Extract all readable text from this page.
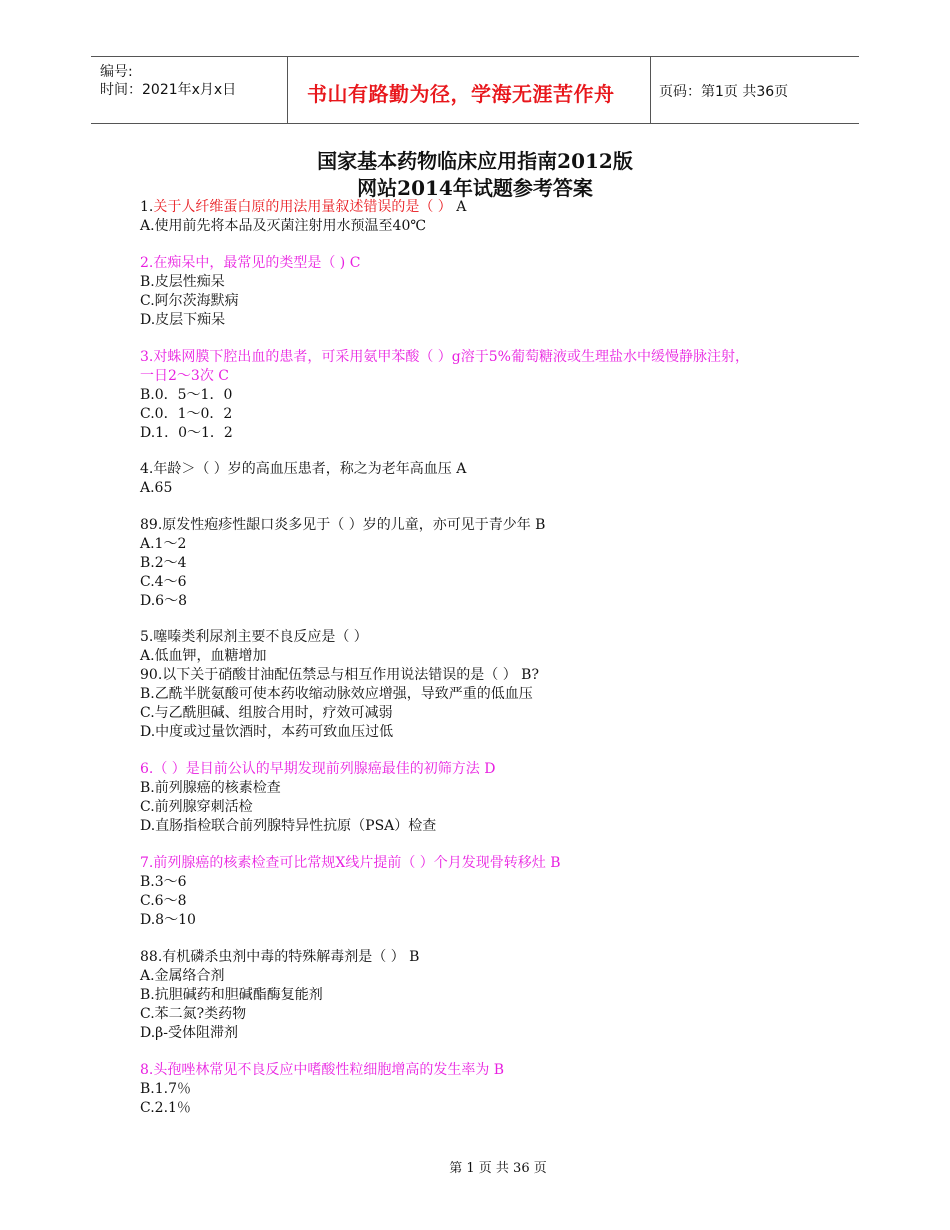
编号:
时间：2021年x月x日	书山有路勤为径，学海无涯苦作舟	页码：第1页 共36页
国家基本药物临床应用指南2012版
网站2014年试题参考答案
1.关于人纤维蛋白原的用法用量叙述错误的是（ ） A
A.使用前先将本品及灭菌注射用水预温至40℃
2.在痴呆中，最常见的类型是（ ) C
B.皮层性痴呆
C.阿尔茨海默病
D.皮层下痴呆
3.对蛛网膜下腔出血的患者，可采用氨甲苯酸（ ）g溶于5%葡萄糖液或生理盐水中缓慢静脉注射，
一日2～3次 C
B.0．5～1．0
C.0．1～0．2
D.1．0～1．2
4.年龄＞（ ）岁的高血压患者，称之为老年高血压 A
A.65
89.原发性疱疹性龈口炎多见于（ ）岁的儿童，亦可见于青少年 B
A.1～2
B.2～4
C.4～6
D.6～8
5.噻嗪类利尿剂主要不良反应是（ ）
A.低血钾，血糖增加
90.以下关于硝酸甘油配伍禁忌与相互作用说法错误的是（ ） B?
B.乙酰半胱氨酸可使本药收缩动脉效应增强，导致严重的低血压
C.与乙酰胆碱、组胺合用时，疗效可减弱
D.中度或过量饮酒时，本药可致血压过低
6.（ ）是目前公认的早期发现前列腺癌最佳的初筛方法 D
B.前列腺癌的核素检查
C.前列腺穿刺活检
D.直肠指检联合前列腺特异性抗原（PSA）检查
7.前列腺癌的核素检查可比常规X线片提前（ ）个月发现骨转移灶 B
B.3～6
C.6～8
D.8～10
88.有机磷杀虫剂中毒的特殊解毒剂是（ ） B
A.金属络合剂
B.抗胆碱药和胆碱酯酶复能剂
C.苯二氮?类药物
D.β-受体阻滞剂
8.头孢唑林常见不良反应中嗜酸性粒细胞增高的发生率为 B
B.1.7％
C.2.1％
第 1 页 共 36 页
